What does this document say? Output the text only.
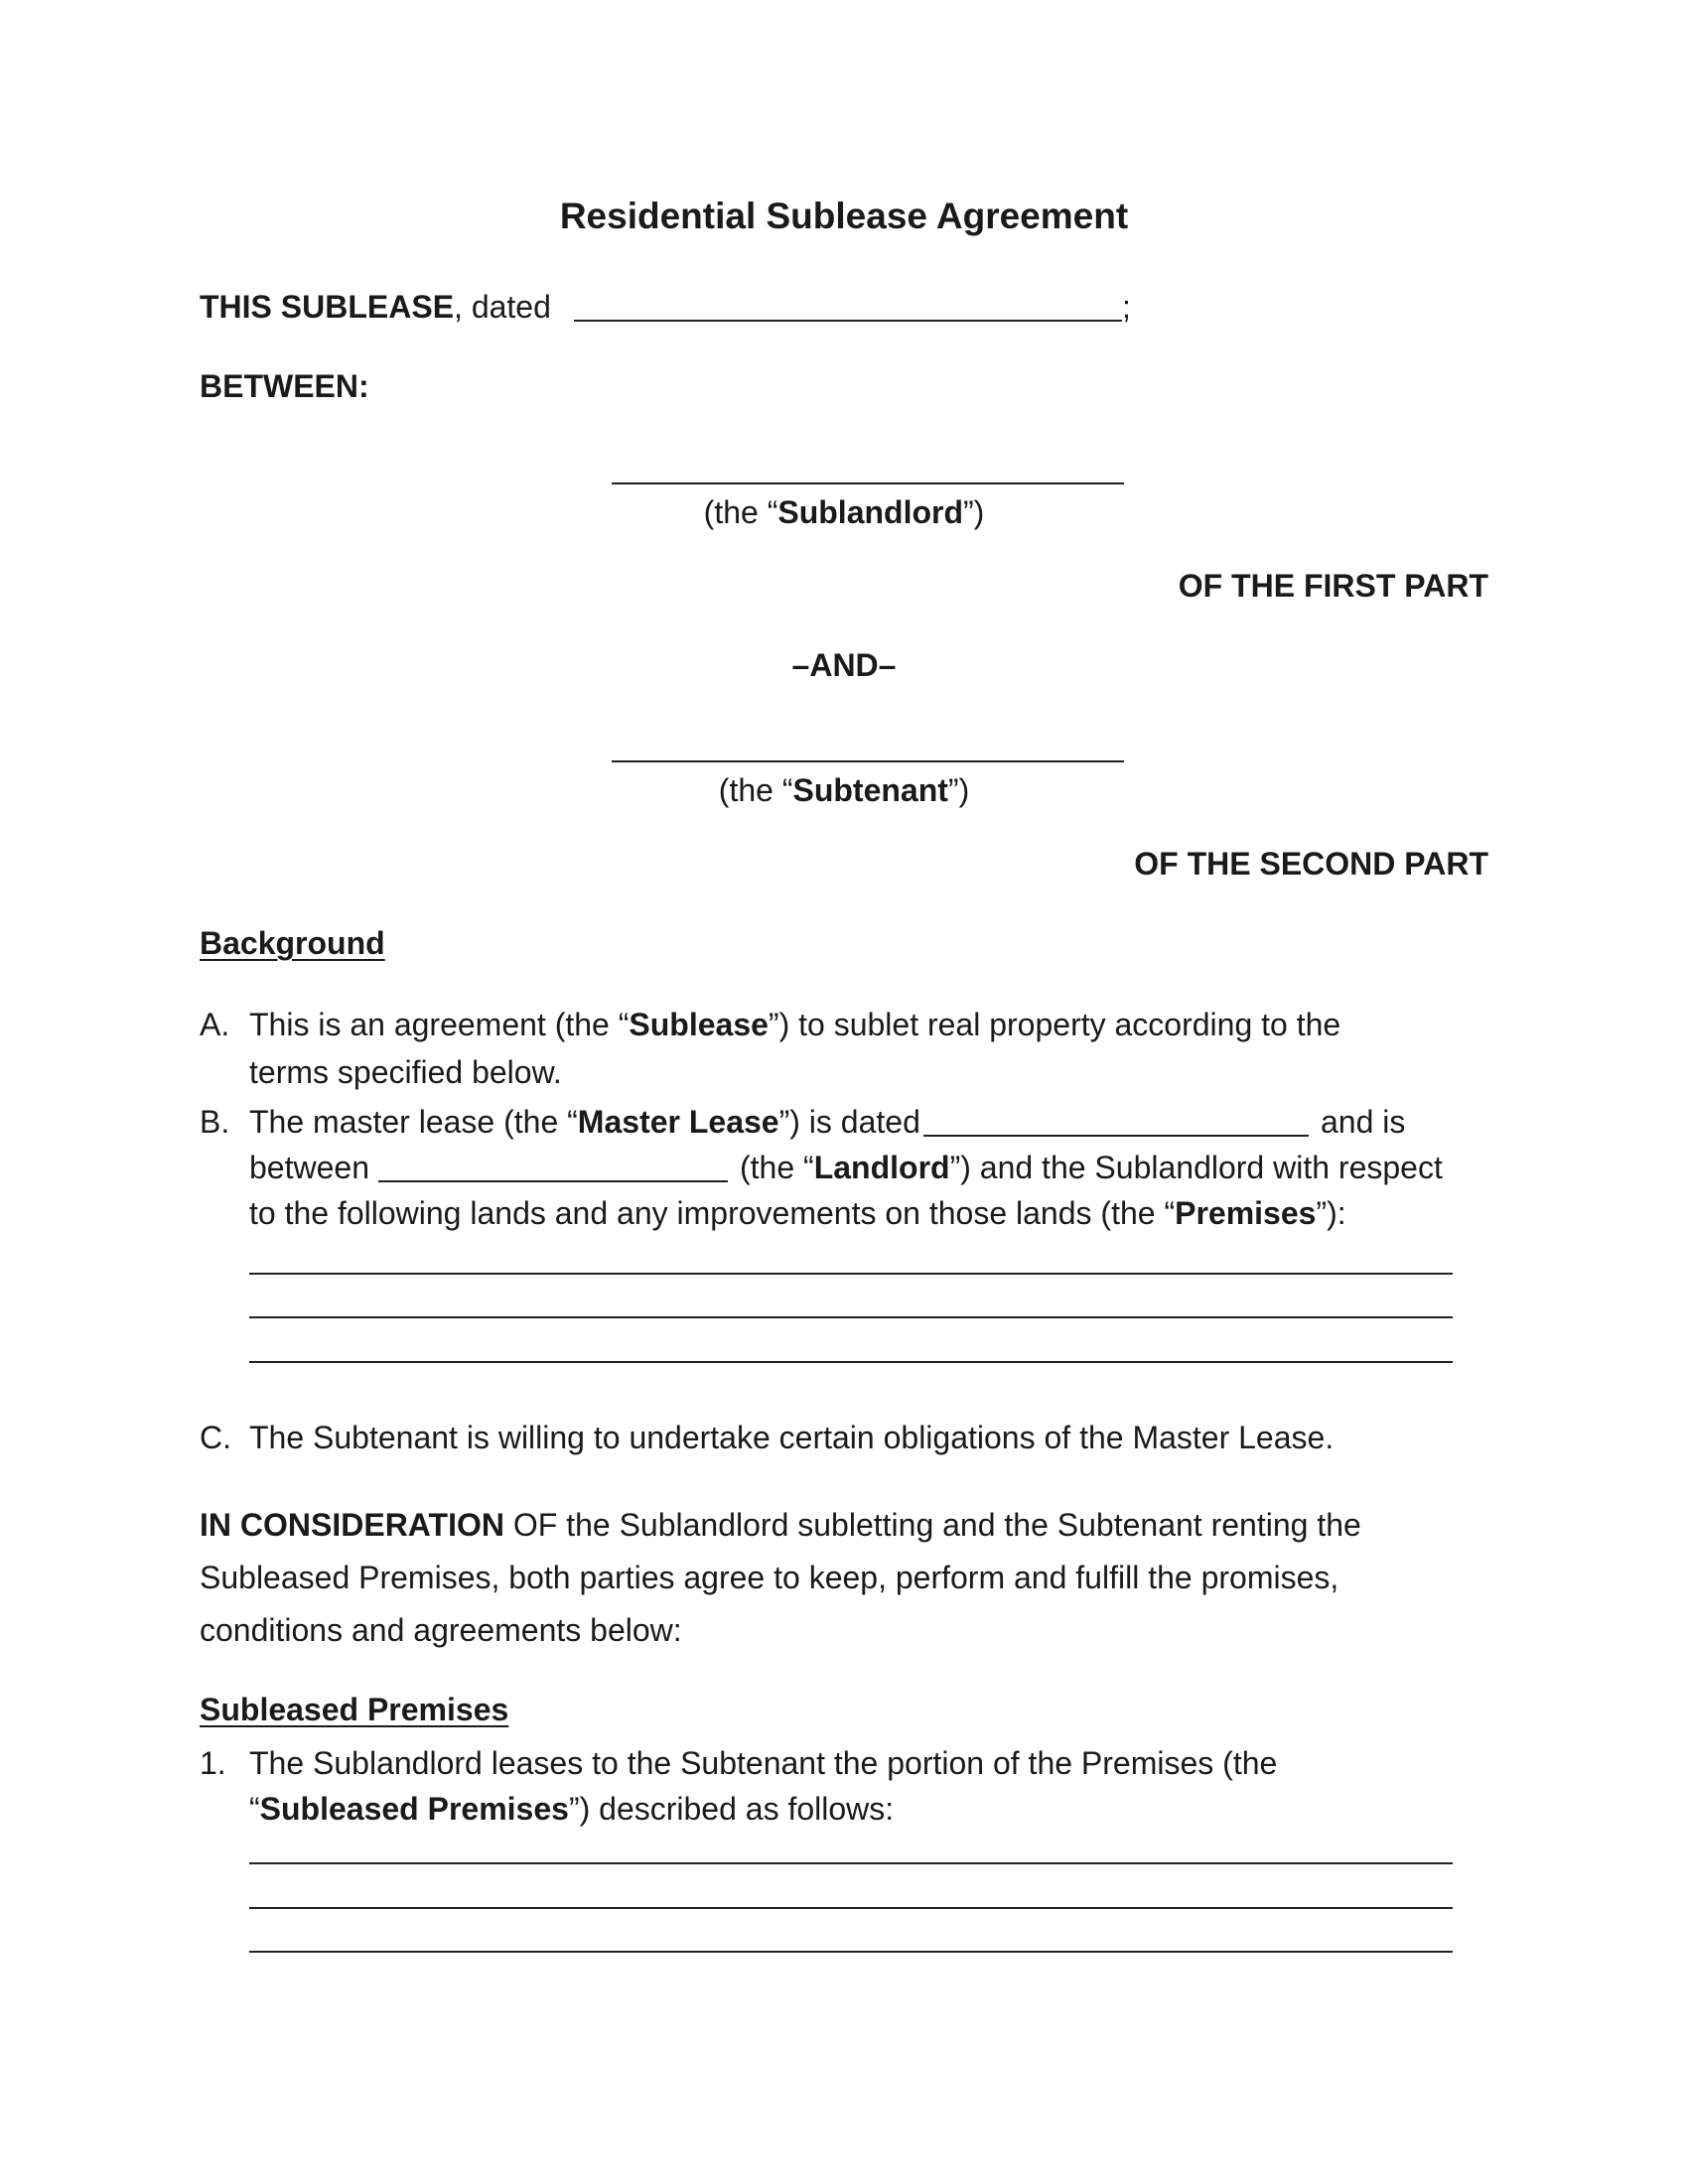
Residential Sublease Agreement
THIS SUBLEASE, dated	;
BETWEEN:
(the “Sublandlord”)
OF THE FIRST PART
–AND–
(the “Subtenant”)
OF THE SECOND PART
Background
A. This is an agreement (the “Sublease”) to sublet real property according to the
terms specified below.
B. The master lease (the “Master Lease”) is dated	and is
between	(the “Landlord”) and the Sublandlord with respect
to the following lands and any improvements on those lands (the “Premises”):
C. The Subtenant is willing to undertake certain obligations of the Master Lease.
IN CONSIDERATION OF the Sublandlord subletting and the Subtenant renting the Subleased Premises, both parties agree to keep, perform and fulfill the promises, conditions and agreements below:
Subleased Premises
1. The Sublandlord leases to the Subtenant the portion of the Premises (the
“Subleased Premises”) described as follows:
